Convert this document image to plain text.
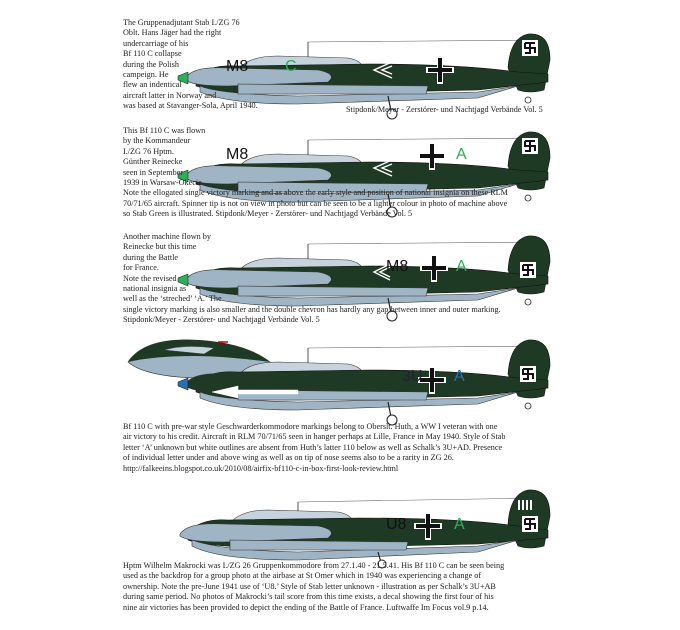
M8 C
The Gruppenadjutant Stab I./ZG 76
Oblt. Hans Jäger had the right
undercarriage of his
Bf 110 C collapse
during the Polish
campeign. He
flew an indentical
aircraft latter in Norway and
was based at Stavanger-Sola, April 1940.	Stipdonk/Meyer - Zerstörer- und Nachtjagd Verbände Vol. 5
M8	A
This Bf 110 C was flown
by the Kommandeur
I./ZG 76 Hptm.
Günther Reinecke
seen in September
1939 in Warsaw-Okecie.
Note the ellogated single victory marking and as above the early style and position of national insignia on these RLM
70/71/65 aircraft. Spinner tip is not on view in photo but can be seen to be a lighter colour in photo of machine above
so Stab Green is illustrated. Stipdonk/Meyer - Zerstörer- und Nachtjagd Verbände Vol. 5
M8	A
Another machine flown by
Reinecke but this time
during the Battle
for France.
Note the revised
national insignia as
well as the ‘streched’ ‘A.’ The
single victory marking is also smaller and the double chevron has hardly any gap between inner and outer marking.
Stipdonk/Meyer - Zerstörer- und Nachtjagd Verbände Vol. 5
3U A
Bf 110 C with pre-war style Geschwarderkommodore markings belong to Oberslt. Huth, a WW I veteran with one
air victory to his credit. Aircraft in RLM 70/71/65 seen in hanger perhaps at Lille, France in May 1940. Style of Stab
letter ‘A’ unknown but white outlines are absent from Huth’s latter 110 below as well as Schalk’s 3U+AD. Presence
of individual letter under and above wing as well as on tip of nose seems also to be a rarity in ZG 26.
http://falkeeins.blogspot.co.uk/2010/08/airfix-bf110-c-in-box-first-look-review.html
U8	A
Hptm Wilhelm Makrocki was I./ZG 26 Gruppenkommodore from 27.1.40 - 21.5.41. His Bf 110 C can be seen being
used as the backdrop for a group photo at the airbase at St Omer which in 1940 was experiencing a change of
ownership. Note the pre-June 1941 use of ‘U8.’ Style of Stab letter unknown - illustration as per Schalk’s 3U+AB
during same period. No photos of Makrocki’s tail score from this time exists, a decal showing the first four of his
nine air victories has been provided to depict the ending of the Battle of France. Luftwaffe Im Focus vol.9 p.14.
